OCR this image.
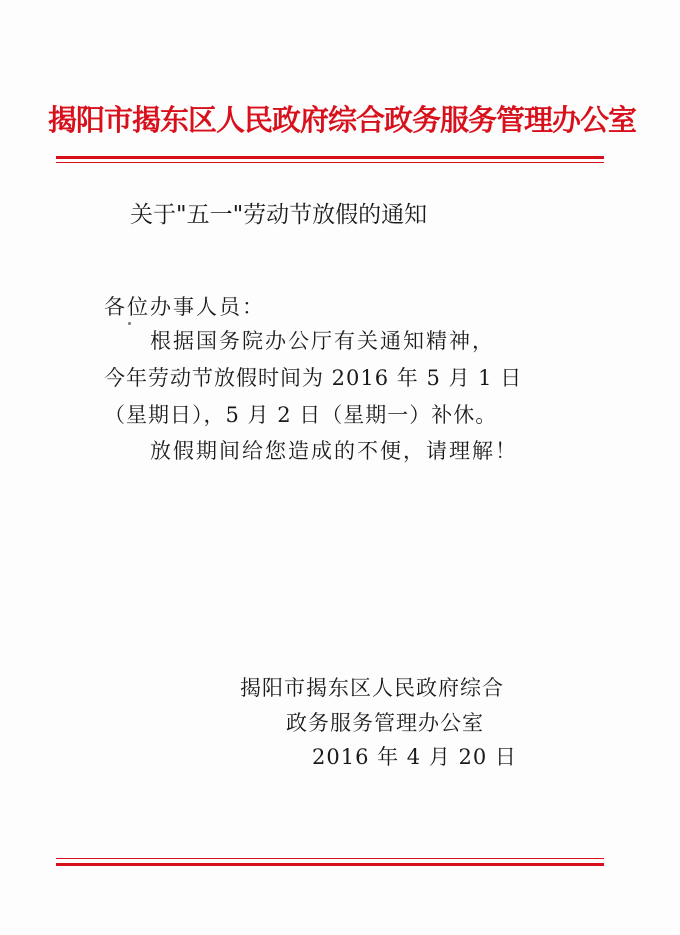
揭阳市揭东区人民政府综合政务服务管理办公室
关于"五一"劳动节放假的通知
各位办事人员：
根据国务院办公厅有关通知精神，
今年劳动节放假时间为 2016 年 5 月 1 日
（星期日），5 月 2 日（星期一）补休。
放假期间给您造成的不便，请理解！
揭阳市揭东区人民政府综合
政务服务管理办公室
2016 年 4 月 20 日
